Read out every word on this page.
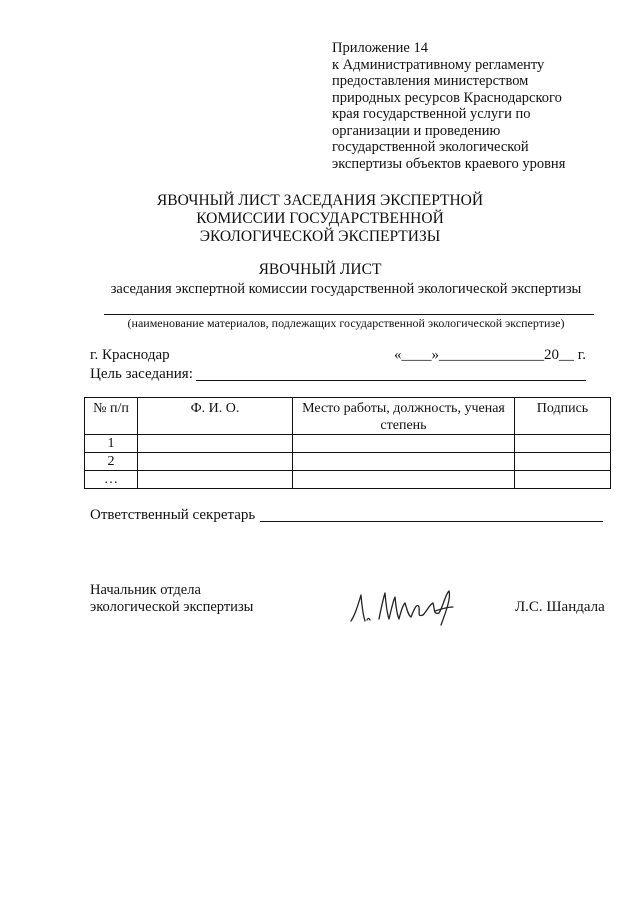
Приложение 14
к Административному регламенту
предоставления министерством
природных ресурсов Краснодарского
края государственной услуги по
организации и проведению
государственной экологической
экспертизы объектов краевого уровня
ЯВОЧНЫЙ ЛИСТ ЗАСЕДАНИЯ ЭКСПЕРТНОЙ
КОМИССИИ ГОСУДАРСТВЕННОЙ
ЭКОЛОГИЧЕСКОЙ ЭКСПЕРТИЗЫ
ЯВОЧНЫЙ ЛИСТ
заседания экспертной комиссии государственной экологической экспертизы
(наименование материалов, подлежащих государственной экологической экспертизе)
г. Краснодар	«____»______________20__ г.
Цель заседания:
№ п/п	Ф. И. О.	Место работы, должность, ученая степень	Подпись
1			
2			
…			
Ответственный секретарь
Начальник отдела
экологической экспертизы	Л.С. Шандала
